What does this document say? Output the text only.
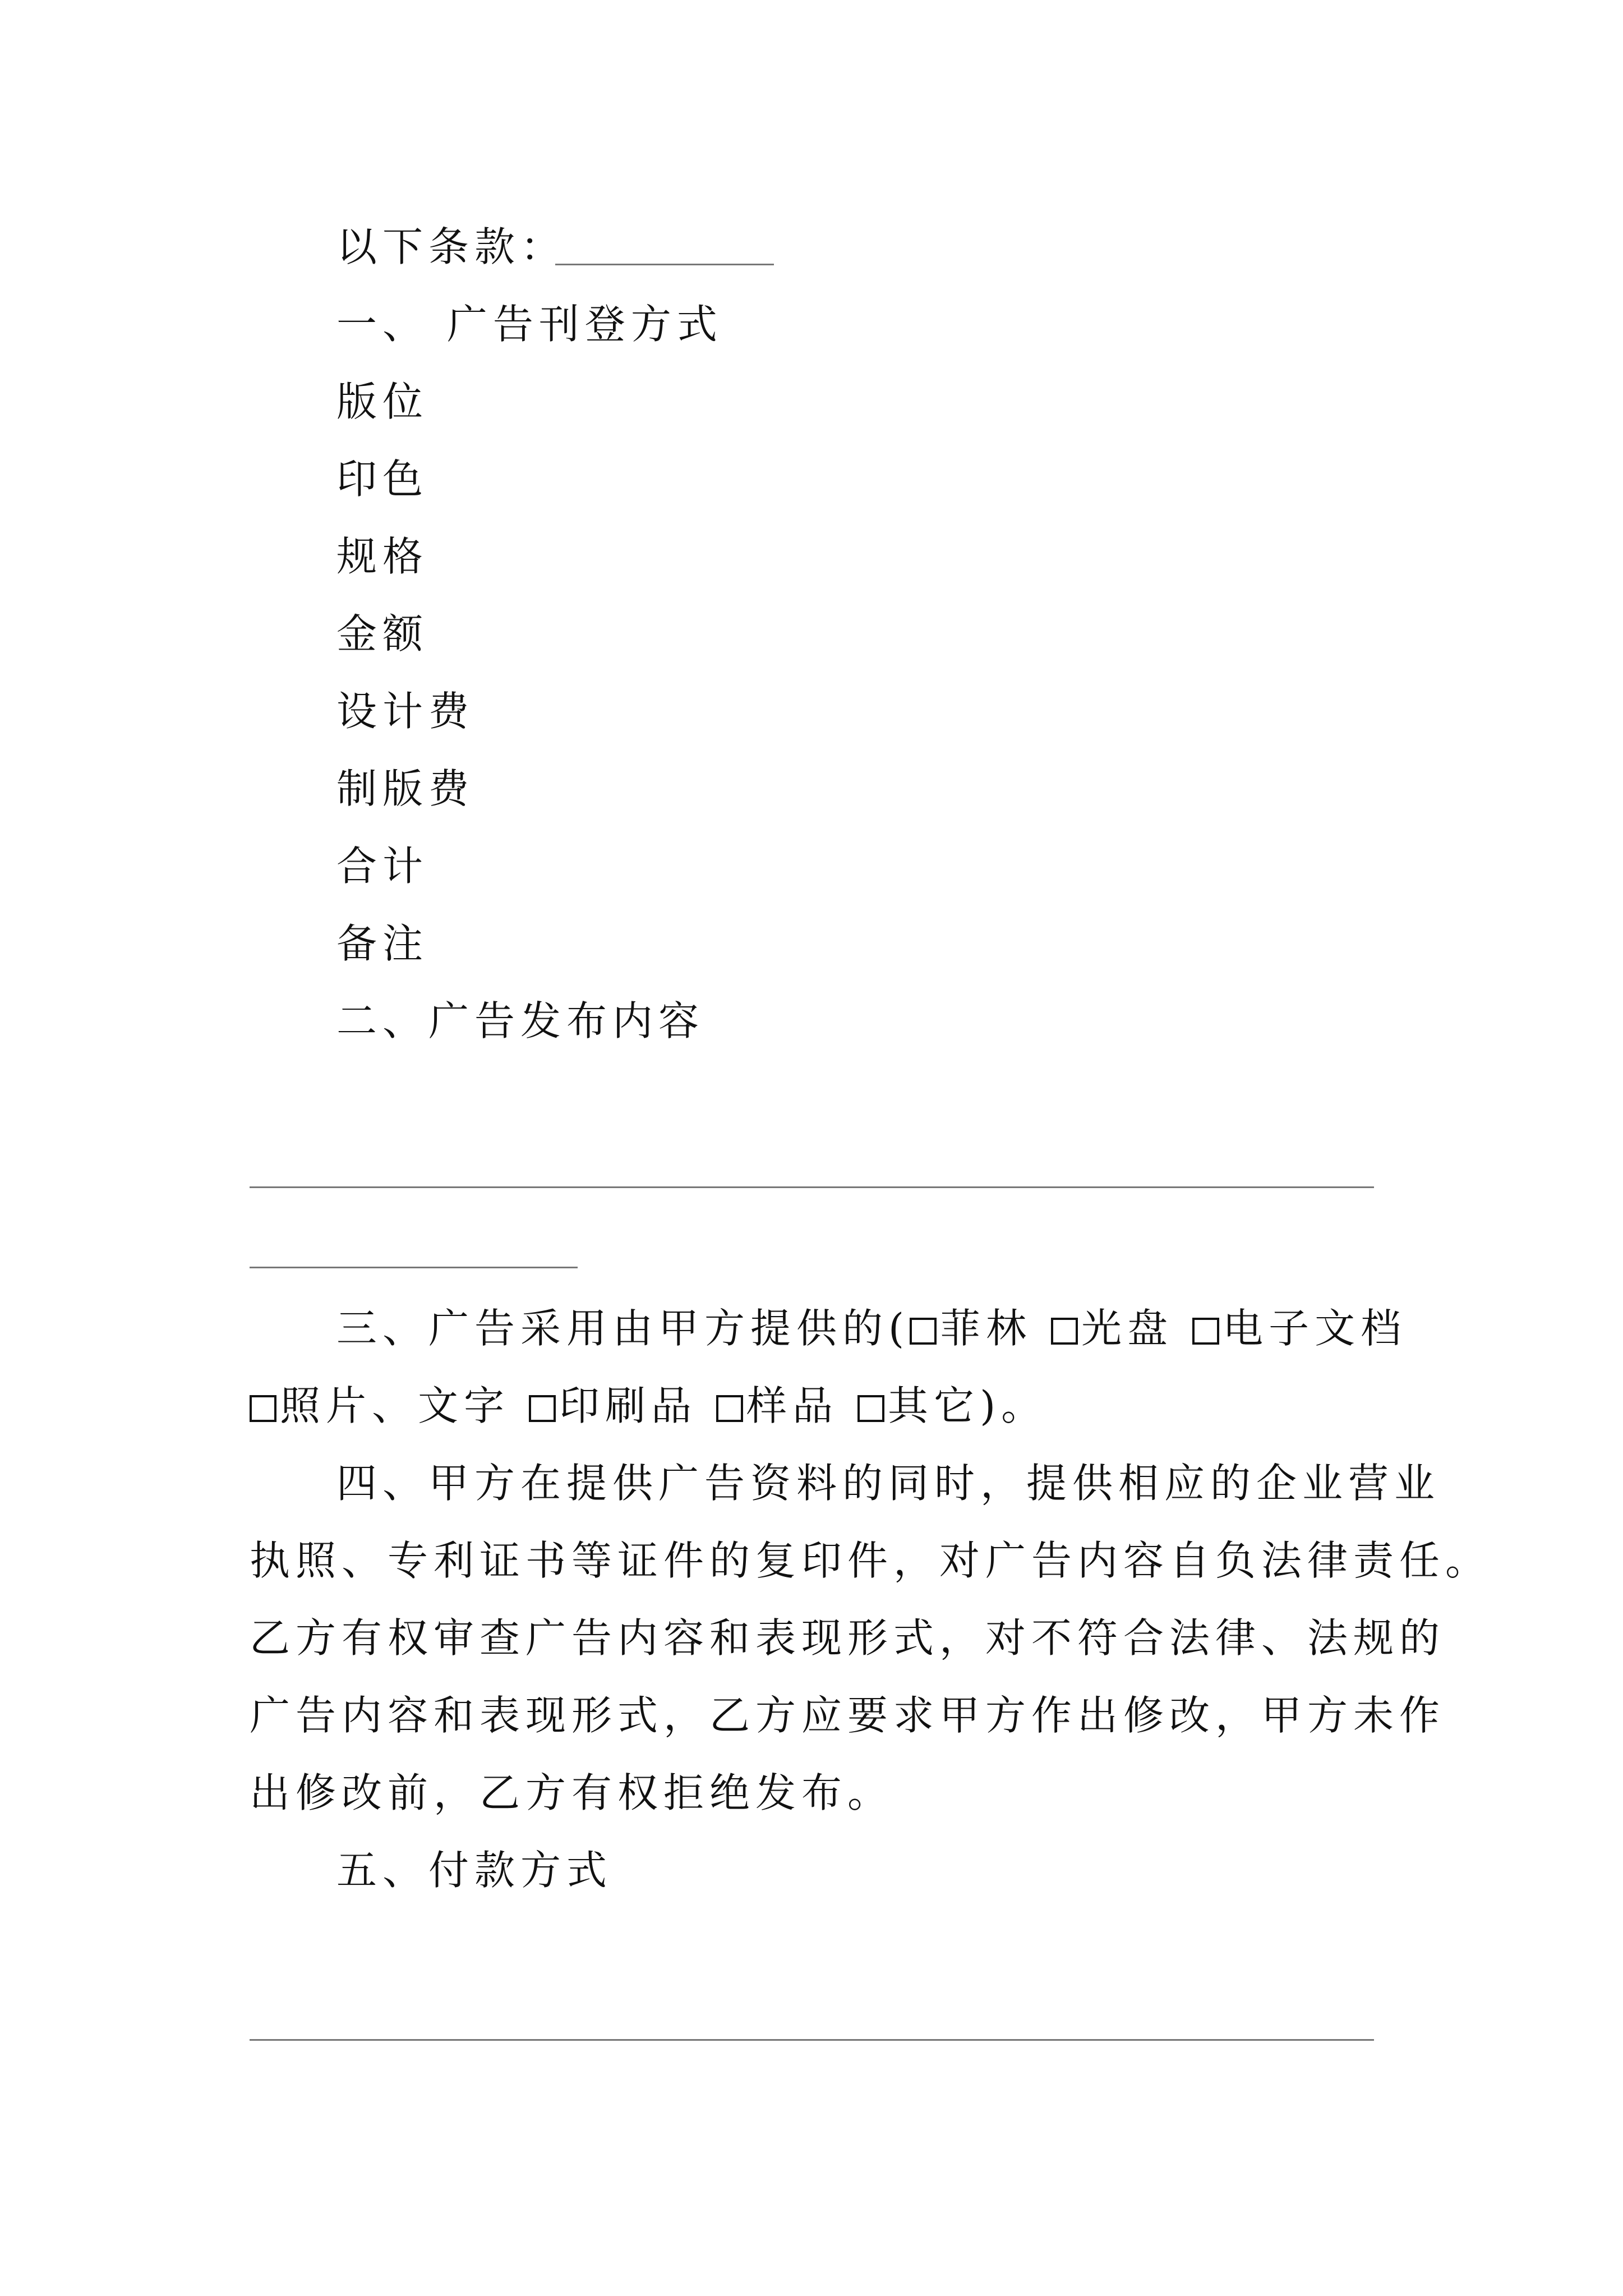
以下条款：
一、 广告刊登方式
版位
印色
规格
金额
设计费
制版费
合计
备注
二、广告发布内容
三、广告采用由甲方提供的( 菲林 光盘 电子文档
照片、文字 印刷品 样品 其它)。
四、甲方在提供广告资料的同时，提供相应的企业营业
执照、专利证书等证件的复印件，对广告内容自负法律责任。
乙方有权审查广告内容和表现形式，对不符合法律、法规的
广告内容和表现形式，乙方应要求甲方作出修改，甲方未作
出修改前，乙方有权拒绝发布。
五、付款方式
